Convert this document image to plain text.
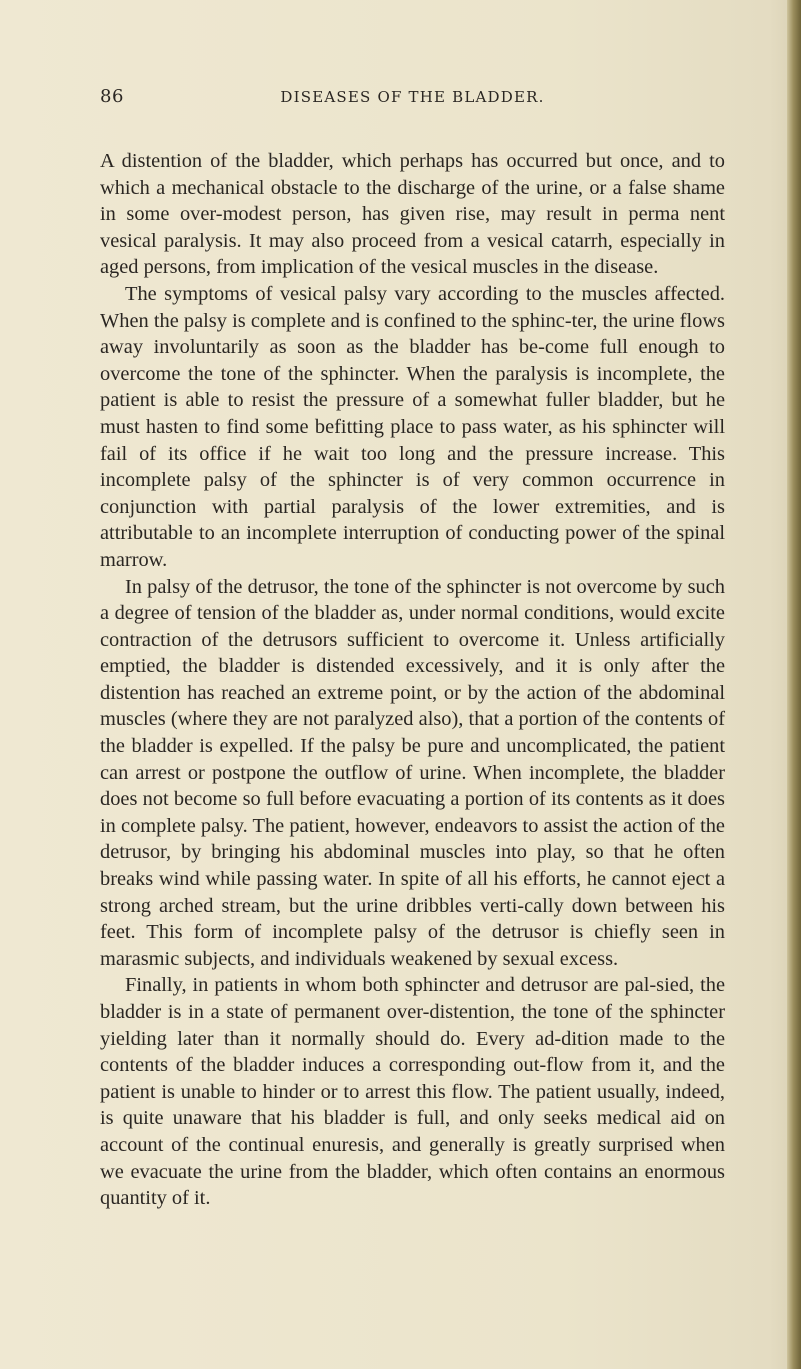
86	DISEASES OF THE BLADDER.

A distention of the bladder, which perhaps has occurred but once, and to which a mechanical obstacle to the discharge of the urine, or a false shame in some over-modest person, has given rise, may result in perma nent vesical paralysis. It may also proceed from a vesical catarrh, especially in aged persons, from implication of the vesical muscles in the disease.

The symptoms of vesical palsy vary according to the muscles affected. When the palsy is complete and is confined to the sphinc-ter, the urine flows away involuntarily as soon as the bladder has be-come full enough to overcome the tone of the sphincter. When the paralysis is incomplete, the patient is able to resist the pressure of a somewhat fuller bladder, but he must hasten to find some befitting place to pass water, as his sphincter will fail of its office if he wait too long and the pressure increase. This incomplete palsy of the sphincter is of very common occurrence in conjunction with partial paralysis of the lower extremities, and is attributable to an incomplete interruption of conducting power of the spinal marrow.

In palsy of the detrusor, the tone of the sphincter is not overcome by such a degree of tension of the bladder as, under normal conditions, would excite contraction of the detrusors sufficient to overcome it. Unless artificially emptied, the bladder is distended excessively, and it is only after the distention has reached an extreme point, or by the action of the abdominal muscles (where they are not paralyzed also), that a portion of the contents of the bladder is expelled. If the palsy be pure and uncomplicated, the patient can arrest or postpone the outflow of urine. When incomplete, the bladder does not become so full before evacuating a portion of its contents as it does in complete palsy. The patient, however, endeavors to assist the action of the detrusor, by bringing his abdominal muscles into play, so that he often breaks wind while passing water. In spite of all his efforts, he cannot eject a strong arched stream, but the urine dribbles verti-cally down between his feet. This form of incomplete palsy of the detrusor is chiefly seen in marasmic subjects, and individuals weakened by sexual excess.

Finally, in patients in whom both sphincter and detrusor are pal-sied, the bladder is in a state of permanent over-distention, the tone of the sphincter yielding later than it normally should do. Every ad-dition made to the contents of the bladder induces a corresponding out-flow from it, and the patient is unable to hinder or to arrest this flow. The patient usually, indeed, is quite unaware that his bladder is full, and only seeks medical aid on account of the continual enuresis, and generally is greatly surprised when we evacuate the urine from the bladder, which often contains an enormous quantity of it.
